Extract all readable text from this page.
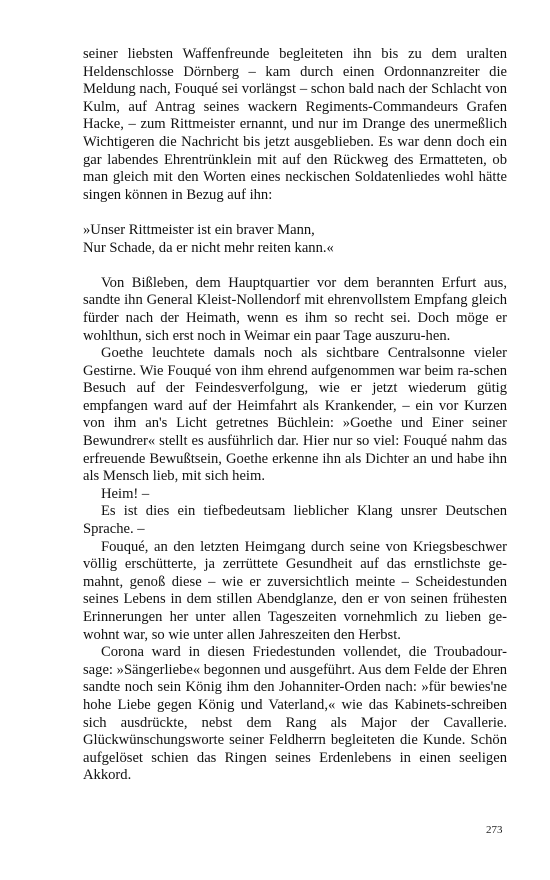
seiner liebsten Waffenfreunde begleiteten ihn bis zu dem uralten Heldenschlosse Dörnberg – kam durch einen Ordonnanzreiter die Meldung nach, Fouqué sei vorlängst – schon bald nach der Schlacht von Kulm, auf Antrag seines wackern Regiments-Commandeurs Grafen Hacke, – zum Rittmeister ernannt, und nur im Drange des unermeßlich Wichtigeren die Nachricht bis jetzt ausgeblieben. Es war denn doch ein gar labendes Ehrentrünklein mit auf den Rückweg des Ermatteten, ob man gleich mit den Worten eines neckischen Soldatenliedes wohl hätte singen können in Bezug auf ihn:

»Unser Rittmeister ist ein braver Mann,

Nur Schade, da er nicht mehr reiten kann.«

Von Bißleben, dem Hauptquartier vor dem berannten Erfurt aus, sandte ihn General Kleist-Nollendorf mit ehrenvollstem Empfang gleich fürder nach der Heimath, wenn es ihm so recht sei. Doch möge er wohlthun, sich erst noch in Weimar ein paar Tage auszuru-hen.

Goethe leuchtete damals noch als sichtbare Centralsonne vieler Gestirne. Wie Fouqué von ihm ehrend aufgenommen war beim ra-schen Besuch auf der Feindesverfolgung, wie er jetzt wiederum gütig empfangen ward auf der Heimfahrt als Krankender, – ein vor Kurzen von ihm an's Licht getretnes Büchlein: »Goethe und Einer seiner Bewundrer« stellt es ausführlich dar. Hier nur so viel: Fouqué nahm das erfreuende Bewußtsein, Goethe erkenne ihn als Dichter an und habe ihn als Mensch lieb, mit sich heim.

Heim! –

Es ist dies ein tiefbedeutsam lieblicher Klang unsrer Deutschen Sprache. –

Fouqué, an den letzten Heimgang durch seine von Kriegsbeschwer völlig erschütterte, ja zerrüttete Gesundheit auf das ernstlichste ge-mahnt, genoß diese – wie er zuversichtlich meinte – Scheidestunden seines Lebens in dem stillen Abendglanze, den er von seinen frühesten Erinnerungen her unter allen Tageszeiten vornehmlich zu lieben ge-wohnt war, so wie unter allen Jahreszeiten den Herbst.

Corona ward in diesen Friedestunden vollendet, die Troubadour-sage: »Sängerliebe« begonnen und ausgeführt. Aus dem Felde der Ehren sandte noch sein König ihm den Johanniter-Orden nach: »für bewies'ne hohe Liebe gegen König und Vaterland,« wie das Kabinets-schreiben sich ausdrückte, nebst dem Rang als Major der Cavallerie. Glückwünschungsworte seiner Feldherrn begleiteten die Kunde. Schön aufgelöset schien das Ringen seines Erdenlebens in einen seeligen Akkord.

273
